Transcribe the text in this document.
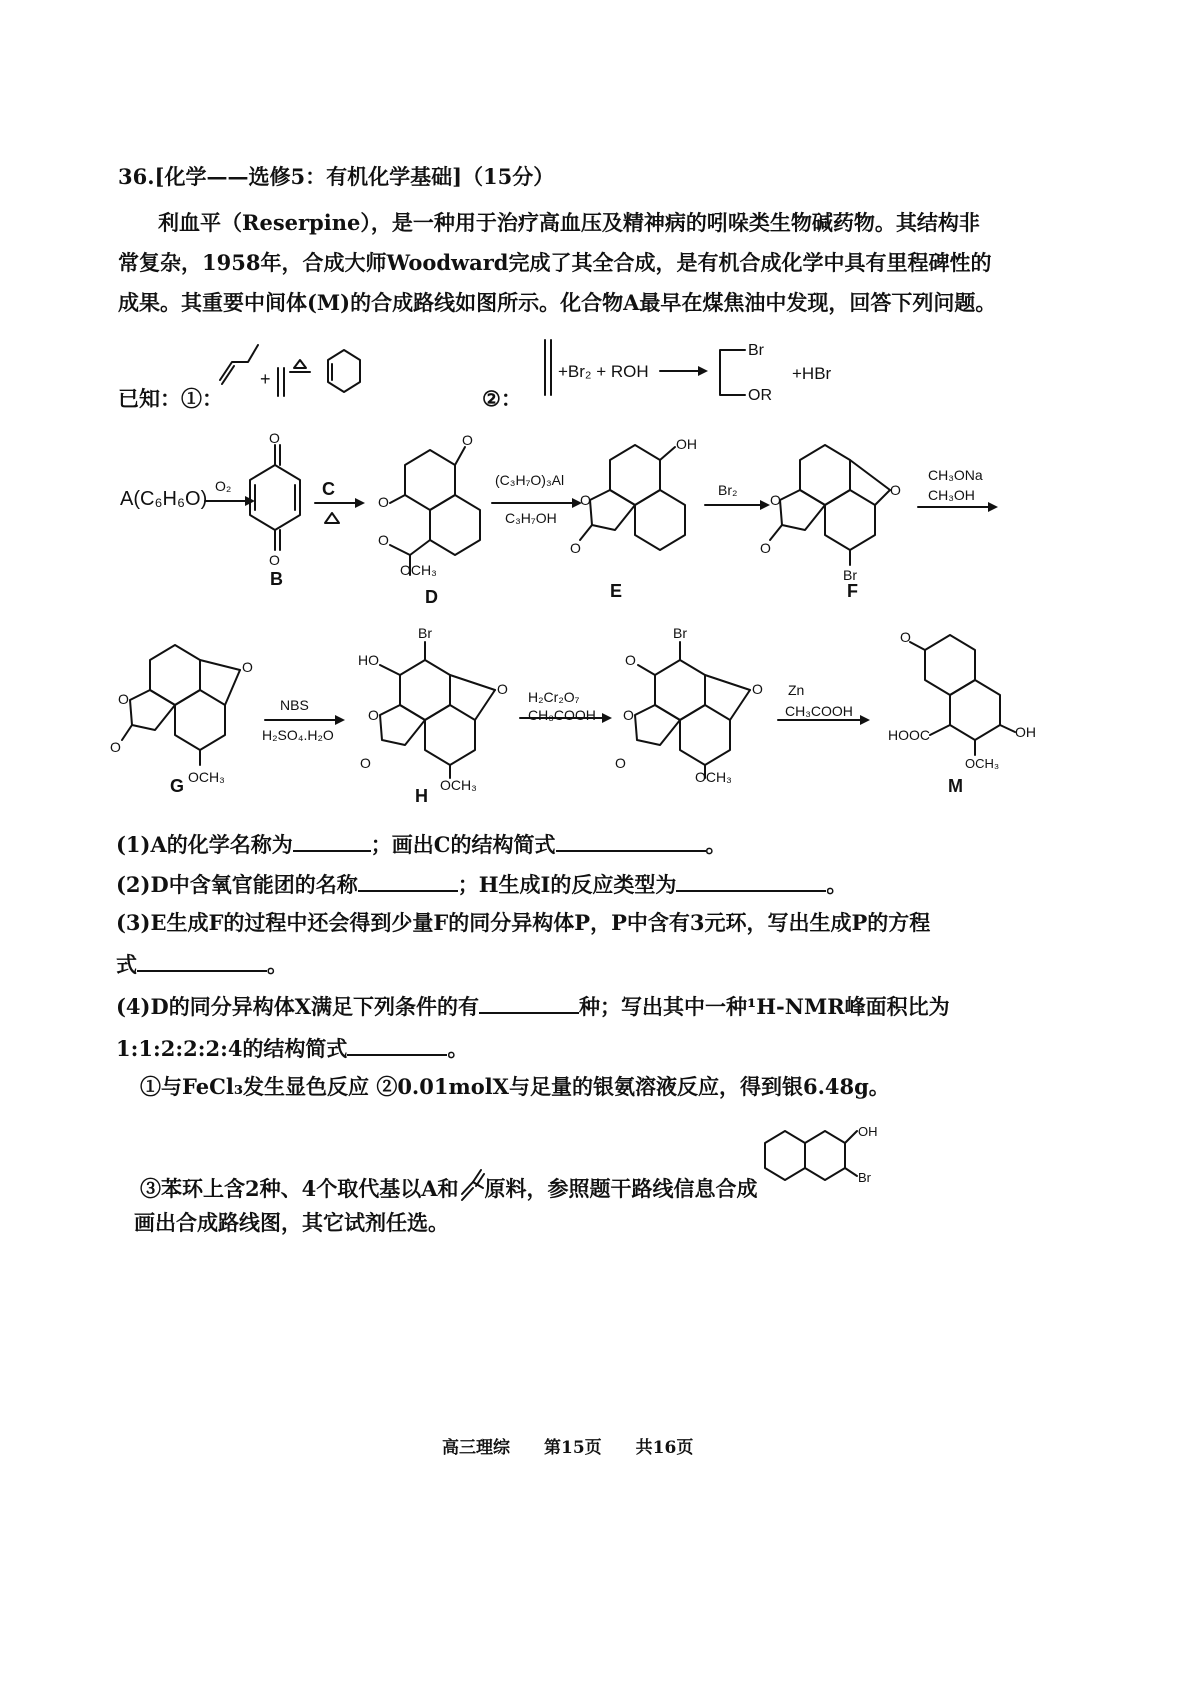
36.[化学——选修5：有机化学基础]（15分）
利血平（Reserpine），是一种用于治疗高血压及精神病的吲哚类生物碱药物。其结构非
常复杂，1958年，合成大师Woodward完成了其全合成，是有机合成化学中具有里程碑性的
成果。其重要中间体(M)的合成路线如图所示。化合物A最早在煤焦油中发现，回答下列问题。
已知：①：
+
②：
+Br₂ + ROH
Br
OR
+HBr
A(C₆H₆O)
O₂
O
O
B
C
O
O
O
OCH₃
D
(C₃H₇O)₃Al
C₃H₇OH
OH
O
O
E
Br₂	O
Br
O
O
F
CH₃ONa
CH₃OH
O
O
O
OCH₃
G
NBS
H₂SO₄.H₂O
Br
HO
O
O
O
OCH₃
H
H₂Cr₂O₇
CH₃COOH
Br
O
O
O
O
OCH₃
Zn
CH₃COOH
O
HOOC	OH
OCH₃
M
(1)A的化学名称为	；画出C的结构简式	。
(2)D中含氧官能团的名称	；H生成I的反应类型为	。
(3)E生成F的过程中还会得到少量F的同分异构体P，P中含有3元环，写出生成P的方程
式	。
(4)D的同分异构体X满足下列条件的有	种；写出其中一种¹H-NMR峰面积比为
1:1:2:2:2:4的结构简式	。
①与FeCl₃发生显色反应 ②0.01molX与足量的银氨溶液反应，得到银6.48g。
③苯环上含2种、4个取代基以A和 原料，参照题干路线信息合成
OH
Br
画出合成路线图，其它试剂任选。
高三理综　　第15页　　共16页
